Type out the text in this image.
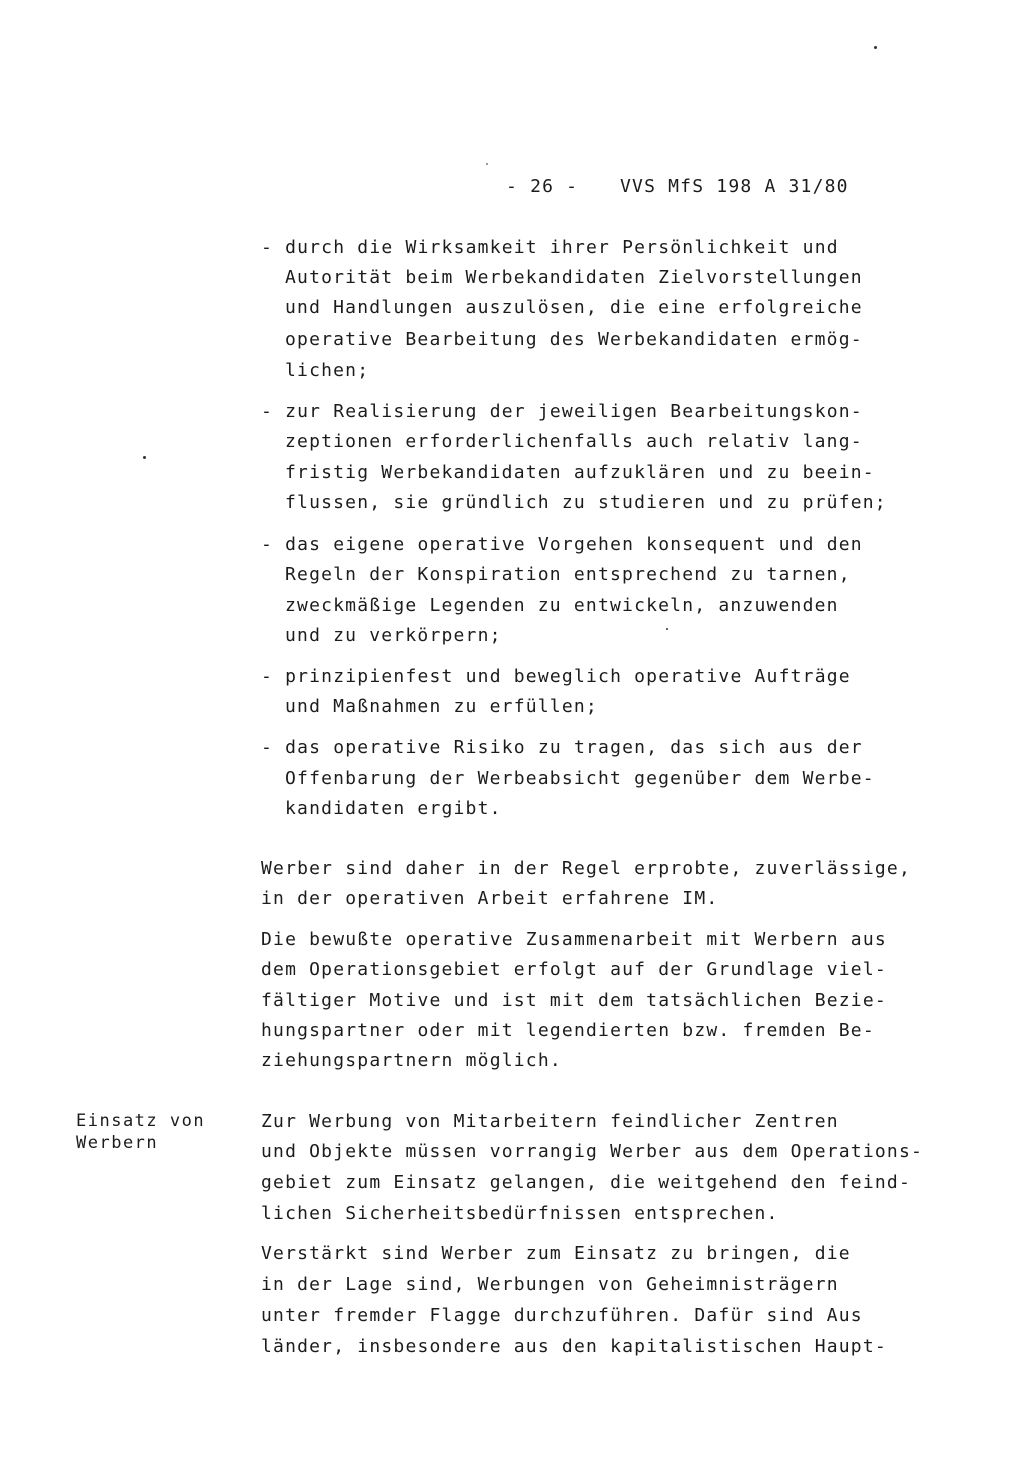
- 26 - VVS MfS 198 A 31/80
- durch die Wirksamkeit ihrer Persönlichkeit und
Autorität beim Werbekandidaten Zielvorstellungen
und Handlungen auszulösen, die eine erfolgreiche
operative Bearbeitung des Werbekandidaten ermög-
lichen;
- zur Realisierung der jeweiligen Bearbeitungskon-
zeptionen erforderlichenfalls auch relativ lang-
fristig Werbekandidaten aufzuklären und zu beein-
flussen, sie gründlich zu studieren und zu prüfen;
- das eigene operative Vorgehen konsequent und den
Regeln der Konspiration entsprechend zu tarnen,
zweckmäßige Legenden zu entwickeln, anzuwenden
und zu verkörpern;
- prinzipienfest und beweglich operative Aufträge
und Maßnahmen zu erfüllen;
- das operative Risiko zu tragen, das sich aus der
Offenbarung der Werbeabsicht gegenüber dem Werbe-
kandidaten ergibt.
Werber sind daher in der Regel erprobte, zuverlässige,
in der operativen Arbeit erfahrene IM.
Die bewußte operative Zusammenarbeit mit Werbern aus
dem Operationsgebiet erfolgt auf der Grundlage viel-
fältiger Motive und ist mit dem tatsächlichen Bezie-
hungspartner oder mit legendierten bzw. fremden Be-
ziehungspartnern möglich.
Einsatz von
Werbern
Zur Werbung von Mitarbeitern feindlicher Zentren
und Objekte müssen vorrangig Werber aus dem Operations-
gebiet zum Einsatz gelangen, die weitgehend den feind-
lichen Sicherheitsbedürfnissen entsprechen.
Verstärkt sind Werber zum Einsatz zu bringen, die
in der Lage sind, Werbungen von Geheimnisträgern
unter fremder Flagge durchzuführen. Dafür sind Aus
länder, insbesondere aus den kapitalistischen Haupt-
